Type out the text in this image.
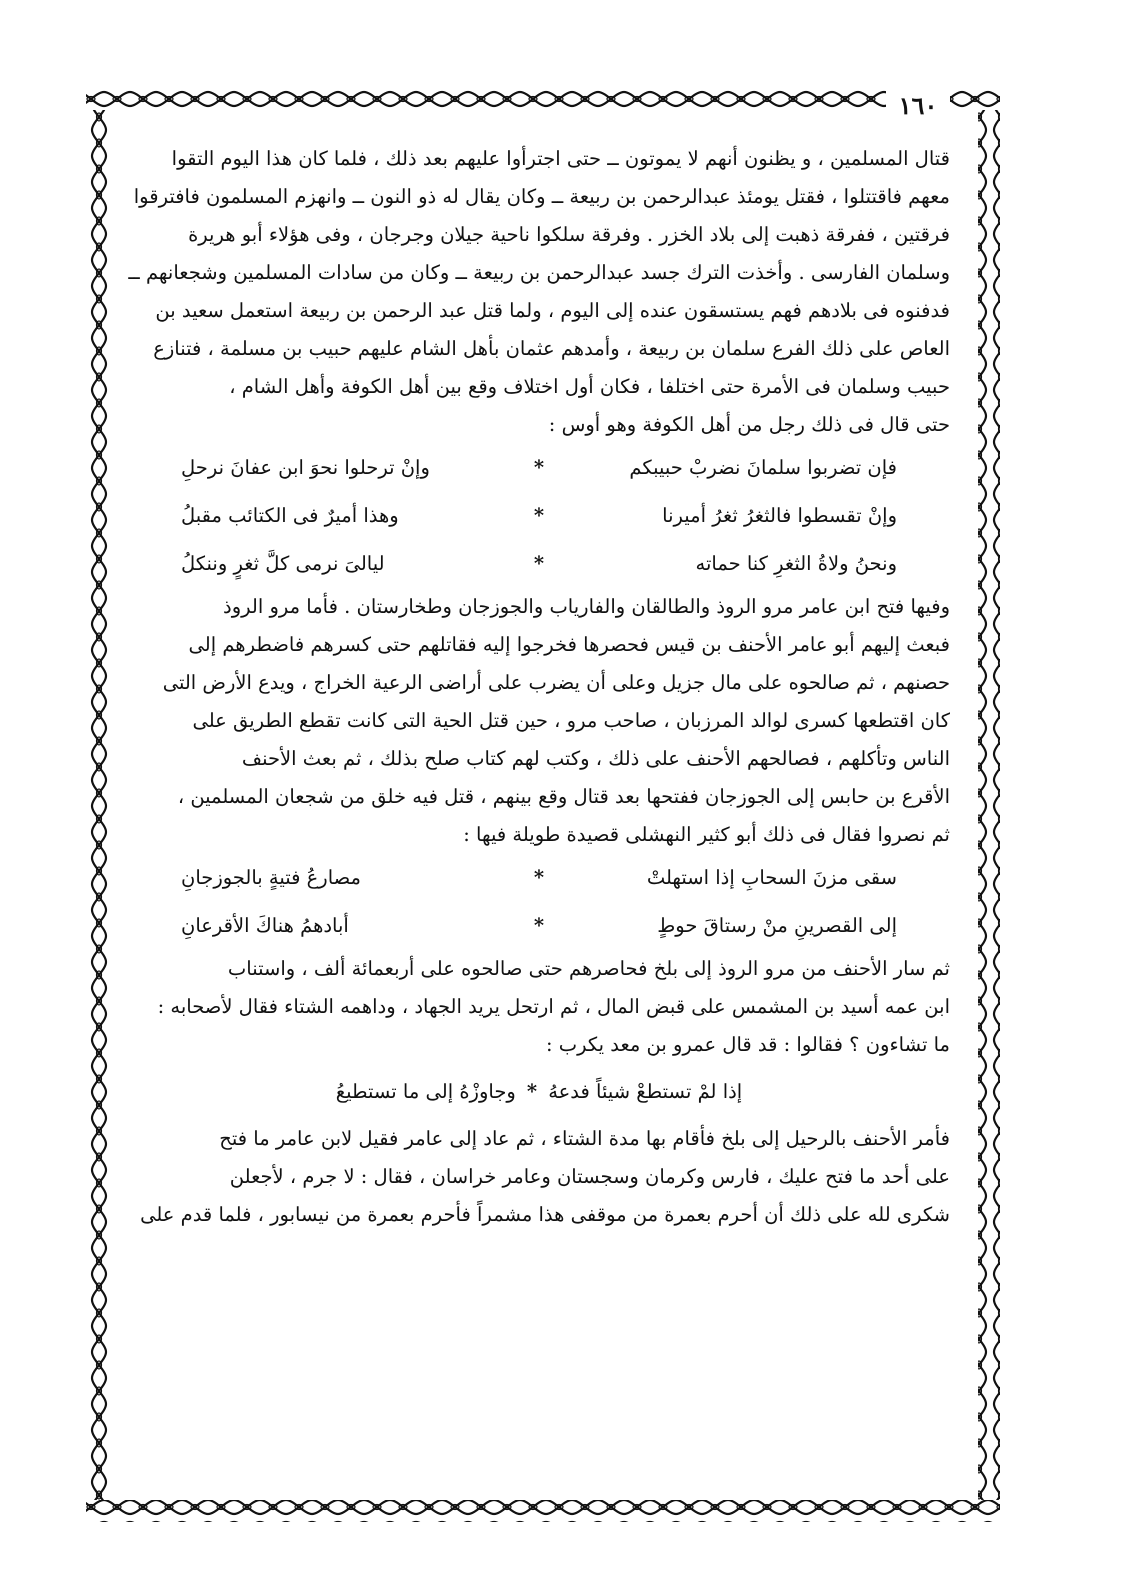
١٦٠
قتال المسلمين ، و يظنون أنهم لا يموتون ــ حتى اجترأوا عليهم بعد ذلك ، فلما كان هذا اليوم التقوا
معهم فاقتتلوا ، فقتل يومئذ عبدالرحمن بن ربيعة ــ وكان يقال له ذو النون ــ وانهزم المسلمون فافترقوا
فرقتين ، ففرقة ذهبت إلى بلاد الخزر . وفرقة سلكوا ناحية جيلان وجرجان ، وفى هؤلاء أبو هريرة
وسلمان الفارسى . وأخذت الترك جسد عبدالرحمن بن ربيعة ــ وكان من سادات المسلمين وشجعانهم ــ
فدفنوه فى بلادهم فهم يستسقون عنده إلى اليوم ، ولما قتل عبد الرحمن بن ربيعة استعمل سعيد بن
العاص على ذلك الفرع سلمان بن ربيعة ، وأمدهم عثمان بأهل الشام عليهم حبيب بن مسلمة ، فتنازع
حبيب وسلمان فى الأمرة حتى اختلفا ، فكان أول اختلاف وقع بين أهل الكوفة وأهل الشام ،
حتى قال فى ذلك رجل من أهل الكوفة وهو أوس :
فإن تضربوا سلمانَ نضربْ حبيبكم
*
وإنْ ترحلوا نحوَ ابن عفانَ نرحلِ
وإنْ تقسطوا فالثغرُ ثغرُ أميرنا
*
وهذا أميرٌ فى الكتائب مقبلُ
ونحنُ ولاةُ الثغرِ كنا حماته
*
ليالىَ نرمى كلَّ ثغرٍ وننكلُ
وفيها فتح ابن عامر مرو الروذ والطالقان والفارياب والجوزجان وطخارستان . فأما مرو الروذ
فبعث إليهم أبو عامر الأحنف بن قيس فحصرها فخرجوا إليه فقاتلهم حتى كسرهم فاضطرهم إلى
حصنهم ، ثم صالحوه على مال جزيل وعلى أن يضرب على أراضى الرعية الخراج ، ويدع الأرض التى
كان اقتطعها كسرى لوالد المرزبان ، صاحب مرو ، حين قتل الحية التى كانت تقطع الطريق على
الناس وتأكلهم ، فصالحهم الأحنف على ذلك ، وكتب لهم كتاب صلح بذلك ، ثم بعث الأحنف
الأقرع بن حابس إلى الجوزجان ففتحها بعد قتال وقع بينهم ، قتل فيه خلق من شجعان المسلمين ،
ثم نصروا فقال فى ذلك أبو كثير النهشلى قصيدة طويلة فيها :
سقى مزنَ السحابِ إذا استهلتْ
*
مصارعُ فتيةٍ بالجوزجانِ
إلى القصرينِ منْ رستاقَ حوطٍ
*
أبادهمُ هناكَ الأقرعانِ
ثم سار الأحنف من مرو الروذ إلى بلخ فحاصرهم حتى صالحوه على أربعمائة ألف ، واستناب
ابن عمه أسيد بن المشمس على قبض المال ، ثم ارتحل يريد الجهاد ، وداهمه الشتاء فقال لأصحابه :
ما تشاءون ؟ فقالوا : قد قال عمرو بن معد يكرب :
إذا لمْ تستطعْ شيئاً فدعهُ * وجاوزْهُ إلى ما تستطيعُ
فأمر الأحنف بالرحيل إلى بلخ فأقام بها مدة الشتاء ، ثم عاد إلى عامر فقيل لابن عامر ما فتح
على أحد ما فتح عليك ، فارس وكرمان وسجستان وعامر خراسان ، فقال : لا جرم ، لأجعلن
شكرى لله على ذلك أن أحرم بعمرة من موقفى هذا مشمراً فأحرم بعمرة من نيسابور ، فلما قدم على
